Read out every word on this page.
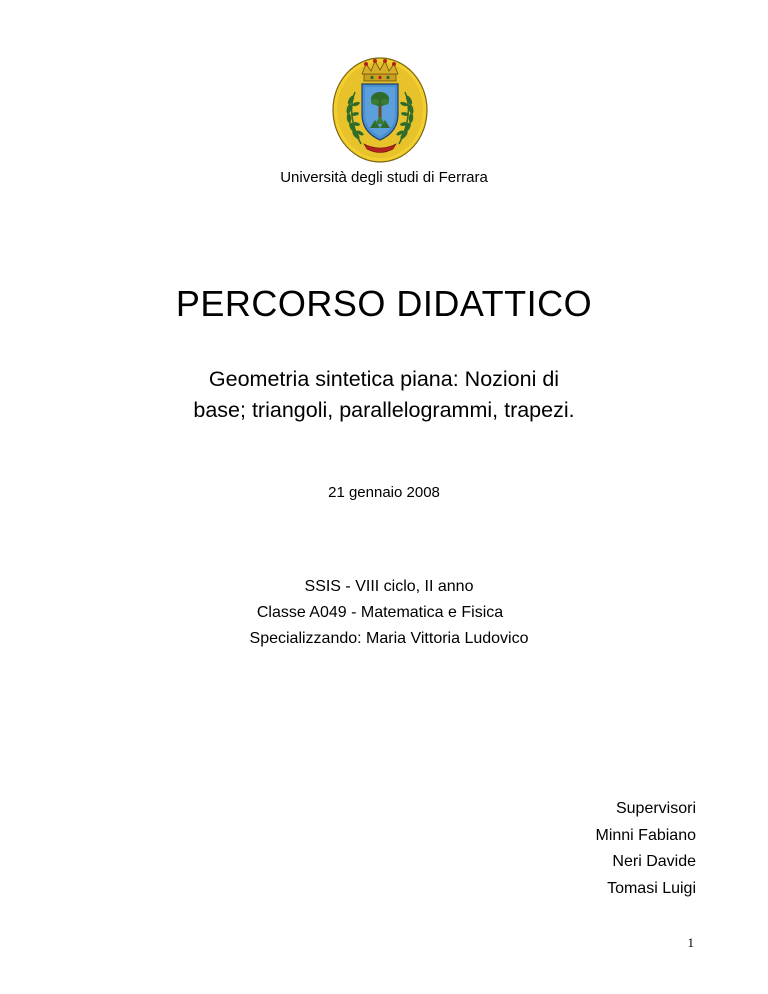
Università degli studi di Ferrara
PERCORSO DIDATTICO
Geometria sintetica piana: Nozioni di
base; triangoli, parallelogrammi, trapezi.
21 gennaio 2008
SSIS - VIII ciclo, II anno
Classe A049 - Matematica e Fisica
Specializzando: Maria Vittoria Ludovico
Supervisori
Minni Fabiano
Neri Davide
Tomasi Luigi
1
